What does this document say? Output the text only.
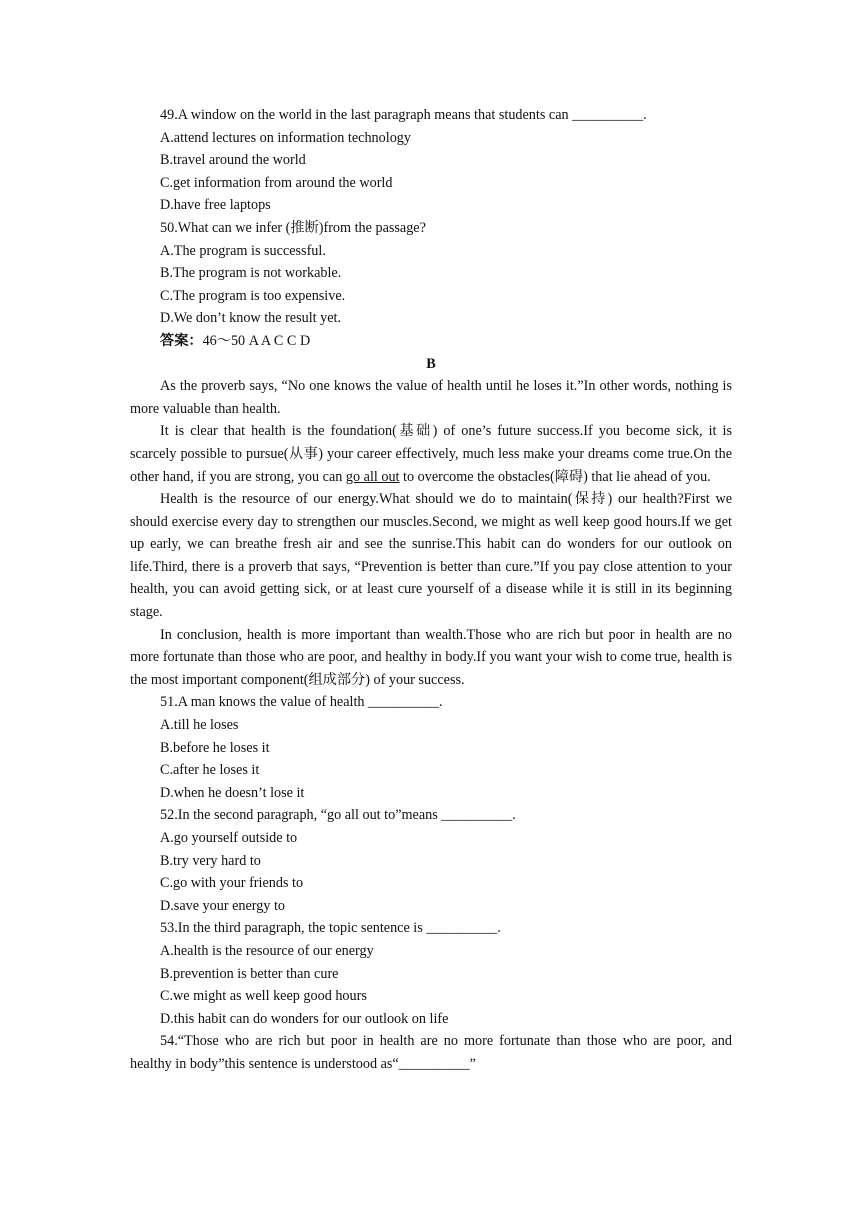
49.A window on the world in the last paragraph means that students can __________.
A.attend lectures on information technology
B.travel around the world
C.get information from around the world
D.have free laptops
50.What can we infer (推断)from the passage?
A.The program is successful.
B.The program is not workable.
C.The program is too expensive.
D.We don’t know the result yet.
答案：46～50 A A C C D
B

As the proverb says, “No one knows the value of health until he loses it.”In other words, nothing is more valuable than health.

It is clear that health is the foundation(基础) of one’s future success.If you become sick, it is scarcely possible to pursue(从事) your career effectively, much less make your dreams come true.On the other hand, if you are strong, you can go all out to overcome the obstacles(障碍) that lie ahead of you.

Health is the resource of our energy.What should we do to maintain(保持) our health?First we should exercise every day to strengthen our muscles.Second, we might as well keep good hours.If we get up early, we can breathe fresh air and see the sunrise.This habit can do wonders for our outlook on life.Third, there is a proverb that says, “Prevention is better than cure.”If you pay close attention to your health, you can avoid getting sick, or at least cure yourself of a disease while it is still in its beginning stage.

In conclusion, health is more important than wealth.Those who are rich but poor in health are no more fortunate than those who are poor, and healthy in body.If you want your wish to come true, health is the most important component(组成部分) of your success.

51.A man knows the value of health __________.
A.till he loses
B.before he loses it
C.after he loses it
D.when he doesn’t lose it
52.In the second paragraph, “go all out to”means __________.
A.go yourself outside to
B.try very hard to
C.go with your friends to
D.save your energy to
53.In the third paragraph, the topic sentence is __________.
A.health is the resource of our energy
B.prevention is better than cure
C.we might as well keep good hours
D.this habit can do wonders for our outlook on life

54.“Those who are rich but poor in health are no more fortunate than those who are poor, and healthy in body”this sentence is understood as“__________”
